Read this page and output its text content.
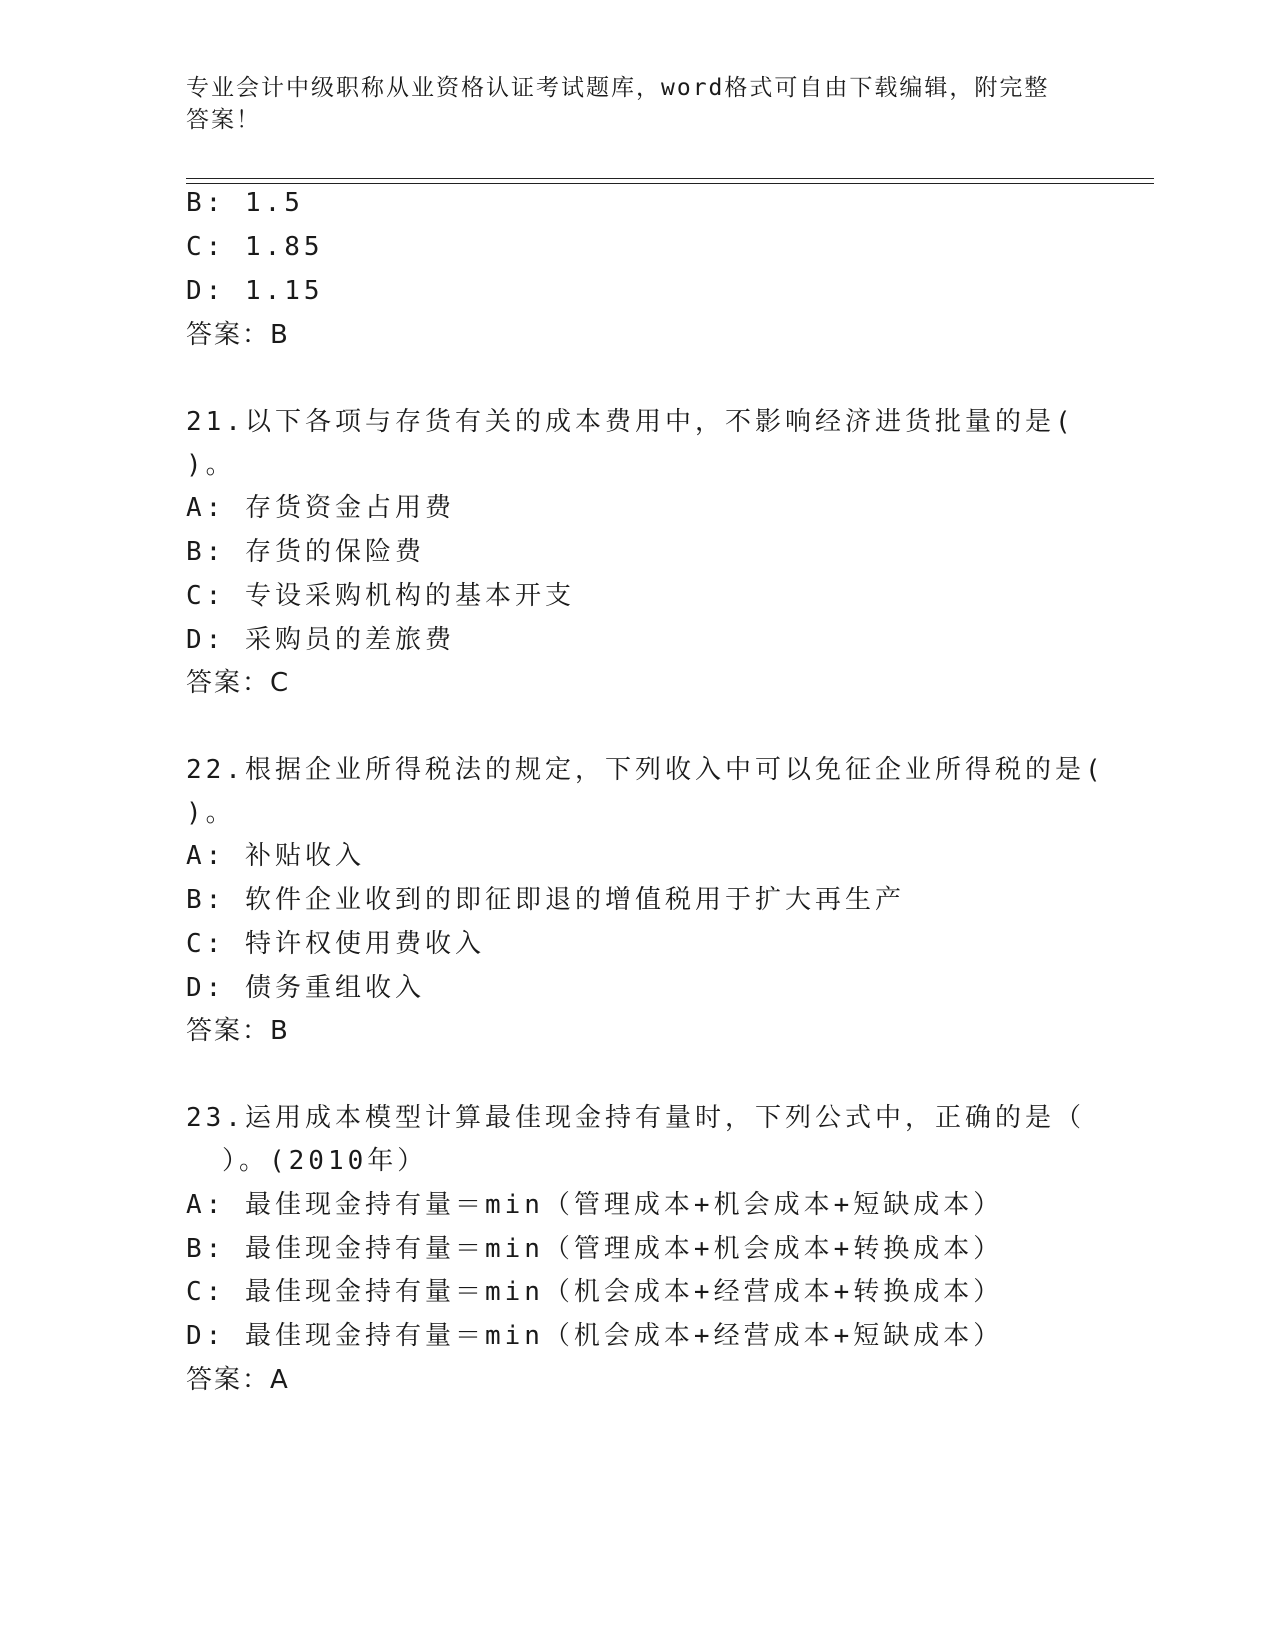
专业会计中级职称从业资格认证考试题库，word格式可自由下载编辑，附完整答案！
B: 1.5
C: 1.85
D: 1.15
答案：B
21.以下各项与存货有关的成本费用中，不影响经济进货批量的是(
)。
A: 存货资金占用费
B: 存货的保险费
C: 专设采购机构的基本开支
D: 采购员的差旅费
答案：C
22.根据企业所得税法的规定，下列收入中可以免征企业所得税的是(
)。
A: 补贴收入
B: 软件企业收到的即征即退的增值税用于扩大再生产
C: 特许权使用费收入
D: 债务重组收入
答案：B
23.运用成本模型计算最佳现金持有量时，下列公式中，正确的是（
）。(2010年）
A: 最佳现金持有量＝min（管理成本+机会成本+短缺成本）
B: 最佳现金持有量＝min（管理成本+机会成本+转换成本）
C: 最佳现金持有量＝min（机会成本+经营成本+转换成本）
D: 最佳现金持有量＝min（机会成本+经营成本+短缺成本）
答案：A
